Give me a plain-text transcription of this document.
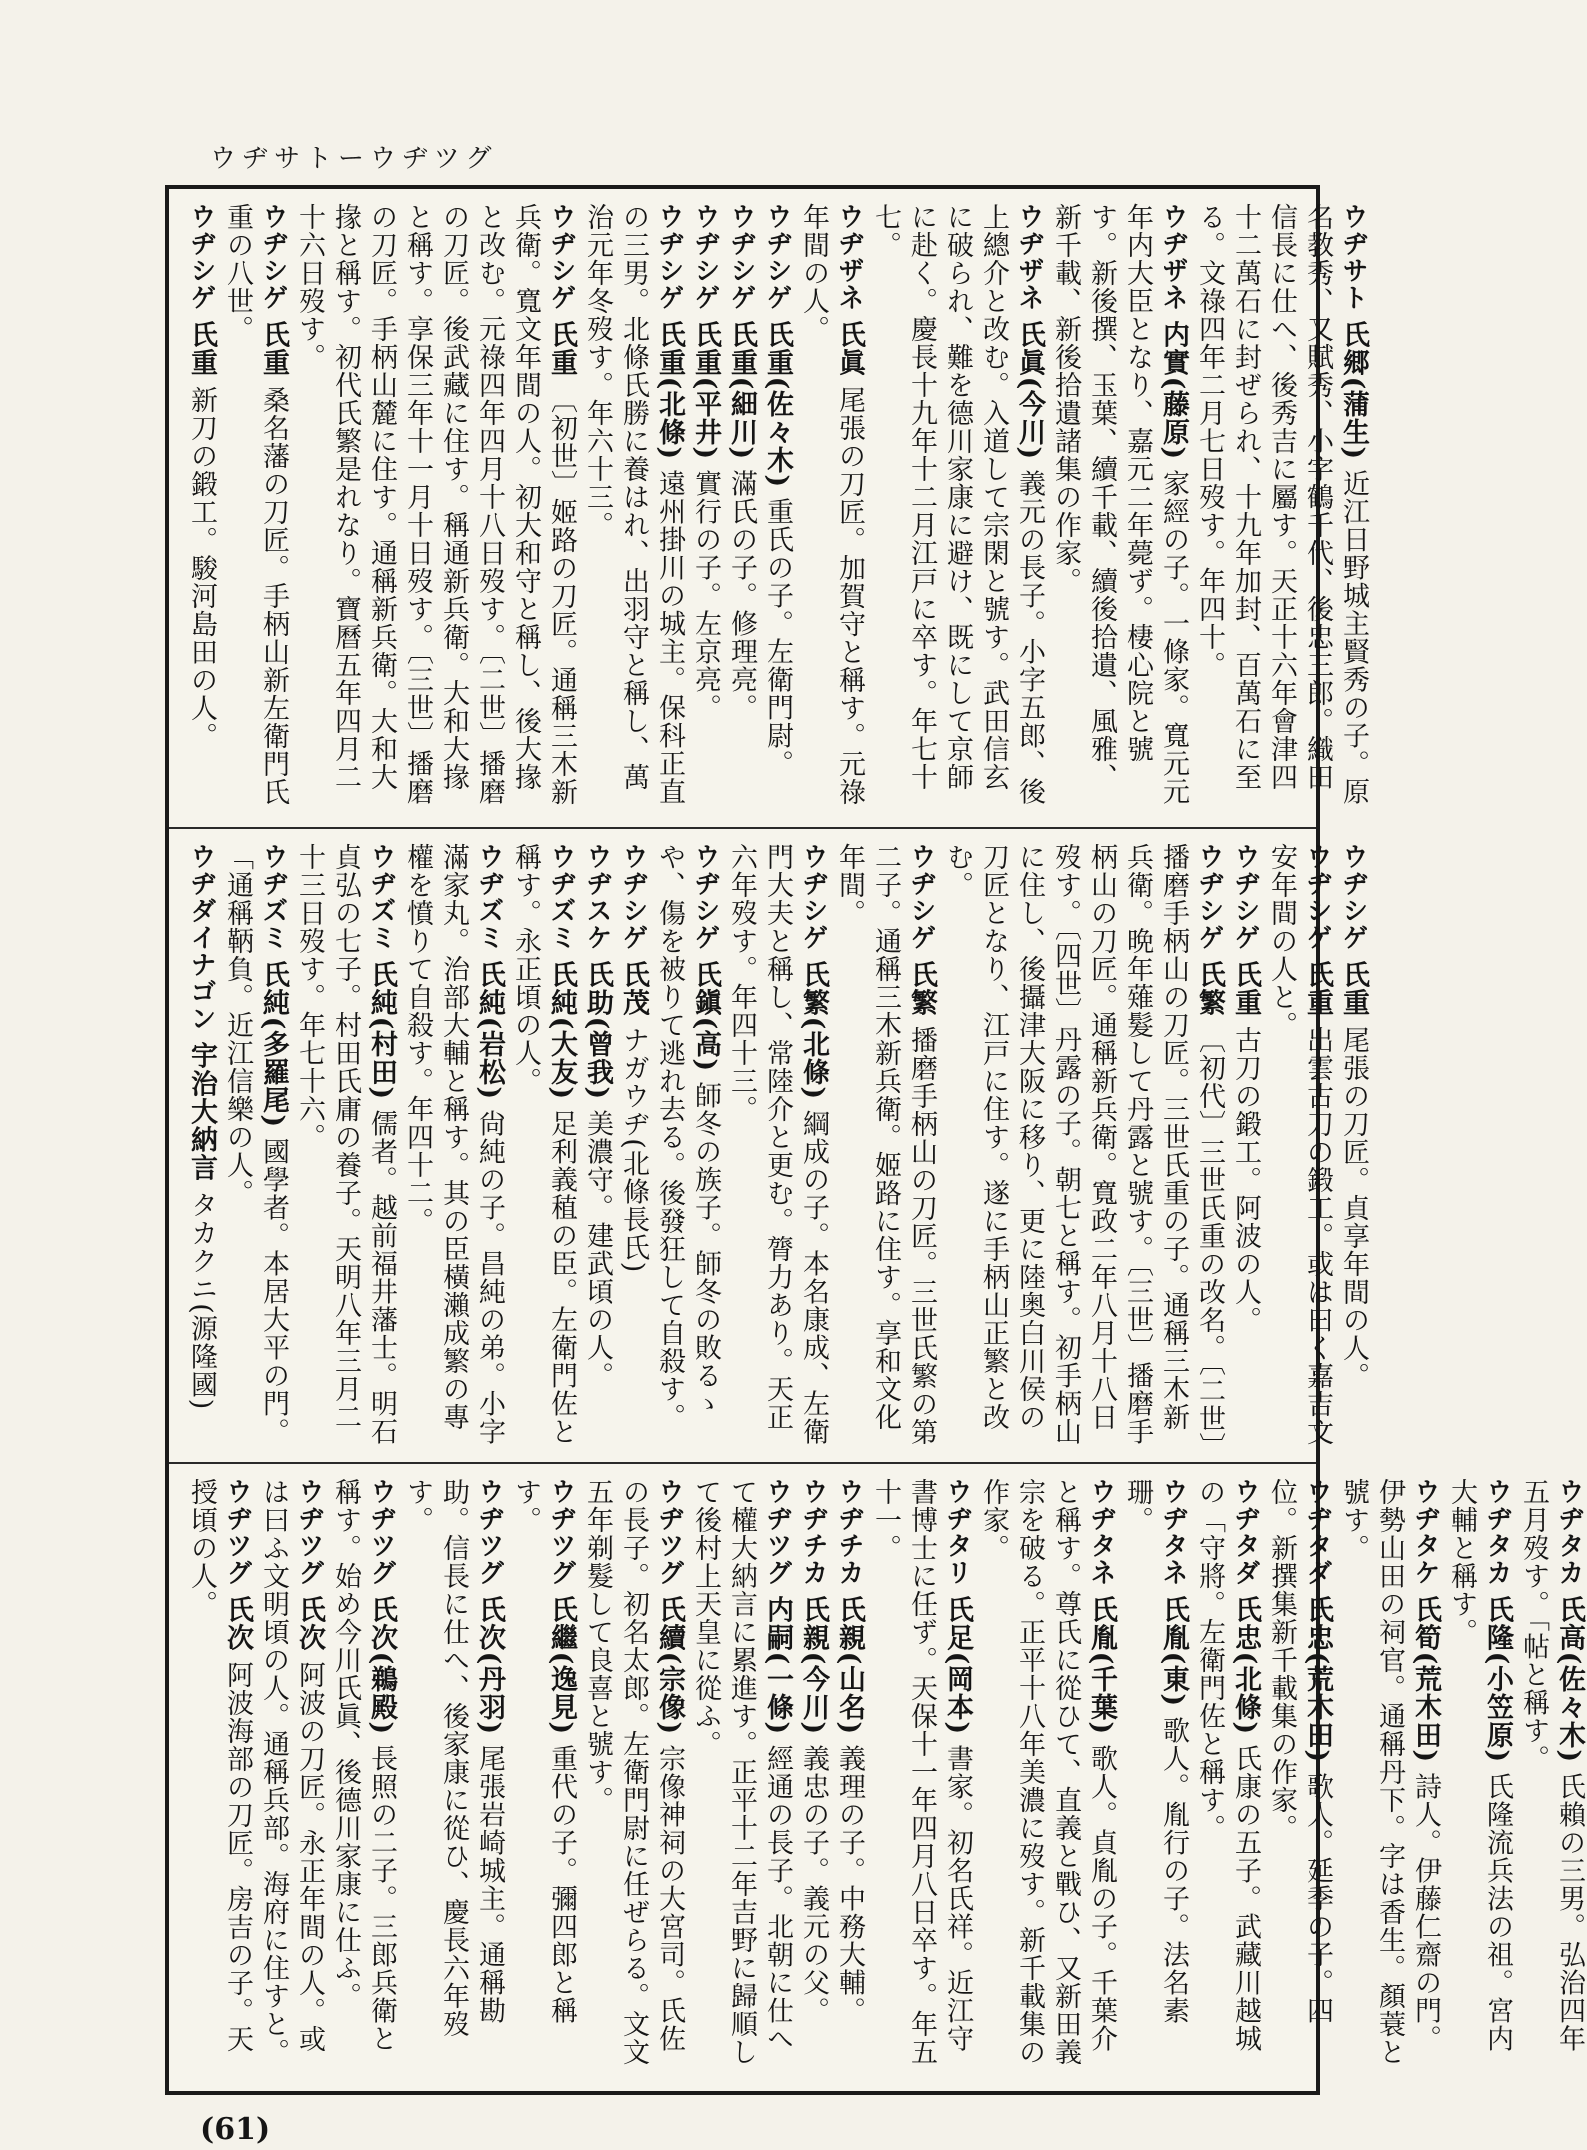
ウヂサトーウヂツグ

ウヂサト 氏郷(蒲生) 近江日野城主賢秀の子。原名教秀、又賦秀、小字鶴千代、後忠三郎。織田信長に仕へ、後秀吉に屬す。天正十六年會津四十二萬石に封ぜられ、十九年加封、百萬石に至る。文祿四年二月七日歿す。年四十。

ウヂザネ 内實(藤原) 家經の子。一條家。寬元元年内大臣となり、嘉元二年薨ず。棲心院と號す。新後撰、玉葉、續千載、續後拾遺、風雅、新千載、新後拾遺諸集の作家。

ウヂザネ 氏眞(今川) 義元の長子。小字五郎、後上總介と改む。入道して宗閑と號す。武田信玄に破られ、難を德川家康に避け、既にして京師に赴く。慶長十九年十二月江戸に卒す。年七十七。

ウヂザネ 氏眞 尾張の刀匠。加賀守と稱す。元祿年間の人。

ウヂシゲ 氏重(佐々木) 重氏の子。左衛門尉。

ウヂシゲ 氏重(細川) 滿氏の子。修理亮。

ウヂシゲ 氏重(平井) 實行の子。左京亮。

ウヂシゲ 氏重(北條) 遠州掛川の城主。保科正直の三男。北條氏勝に養はれ、出羽守と稱し、萬治元年冬歿す。年六十三。

ウヂシゲ 氏重 〔初世〕姬路の刀匠。通稱三木新兵衛。寬文年間の人。初大和守と稱し、後大掾と改む。元祿四年四月十八日歿す。〔二世〕播磨の刀匠。後武藏に住す。稱通新兵衛。大和大掾と稱す。享保三年十一月十日歿す。〔三世〕播磨の刀匠。手柄山麓に住す。通稱新兵衛。大和大掾と稱す。初代氏繁是れなり。寶曆五年四月二十六日歿す。

ウヂシゲ 氏重 桑名藩の刀匠。手柄山新左衛門氏重の八世。

ウヂシゲ 氏重 新刀の鍛工。駿河島田の人。

ウヂシゲ 氏重 尾張の刀匠。貞享年間の人。

ウヂシゲ 氏重 出雲古刀の鍛工。或は曰く嘉吉文安年間の人と。

ウヂシゲ 氏重 古刀の鍛工。阿波の人。

ウヂシゲ 氏繁 〔初代〕三世氏重の改名。〔二世〕播磨手柄山の刀匠。三世氏重の子。通稱三木新兵衛。晩年薙髮して丹露と號す。〔三世〕播磨手柄山の刀匠。通稱新兵衛。寬政二年八月十八日歿す。〔四世〕丹露の子。朝七と稱す。初手柄山に住し、後攝津大阪に移り、更に陸奥白川侯の刀匠となり、江戸に住す。遂に手柄山正繁と改む。

ウヂシゲ 氏繁 播磨手柄山の刀匠。三世氏繁の第二子。通稱三木新兵衛。姬路に住す。享和文化年間。

ウヂシゲ 氏繁(北條) 綱成の子。本名康成、左衛門大夫と稱し、常陸介と更む。膂力あり。天正六年歿す。年四十三。

ウヂシゲ 氏鎭(高) 師冬の族子。師冬の敗るゝや、傷を被りて逃れ去る。後發狂して自殺す。

ウヂシゲ 氏茂 ナガウヂ(北條長氏)

ウヂスケ 氏助(曾我) 美濃守。建武頃の人。

ウヂズミ 氏純(大友) 足利義稙の臣。左衛門佐と稱す。永正頃の人。

ウヂズミ 氏純(岩松) 尙純の子。昌純の弟。小字滿家丸。治部大輔と稱す。其の臣橫瀨成繁の專權を憤りて自殺す。年四十二。

ウヂズミ 氏純(村田) 儒者。越前福井藩士。明石貞弘の七子。村田氏庸の養子。天明八年三月二十三日歿す。年七十六。

ウヂズミ 氏純(多羅尾) 國學者。本居大平の門。「通稱鞆負。近江信樂の人。

ウヂダイナゴン 宇治大納言 タカクニ(源隆國)

ウヂタカ 氏高(佐々木) 氏賴の三男。弘治四年五月歿す。「帖と稱す。

ウヂタカ 氏隆(小笠原) 氏隆流兵法の祖。宮内大輔と稱す。

ウヂタケ 氏筍(荒木田) 詩人。伊藤仁齋の門。伊勢山田の祠官。通稱丹下。字は香生。顏蓑と號す。

ウヂタダ 氏忠(荒木田) 歌人。延季の子。四位。新撰集新千載集の作家。

ウヂタダ 氏忠(北條) 氏康の五子。武藏川越城の「守將。左衛門佐と稱す。

ウヂタネ 氏胤(東) 歌人。胤行の子。法名素珊。

ウヂタネ 氏胤(千葉) 歌人。貞胤の子。千葉介と稱す。尊氏に從ひて、直義と戰ひ、又新田義宗を破る。正平十八年美濃に歿す。新千載集の作家。

ウヂタリ 氏足(岡本) 書家。初名氏祥。近江守書博士に任ず。天保十一年四月八日卒す。年五十一。

ウヂチカ 氏親(山名) 義理の子。中務大輔。

ウヂチカ 氏親(今川) 義忠の子。義元の父。

ウヂツグ 内嗣(一條) 經通の長子。北朝に仕へて權大納言に累進す。正平十二年吉野に歸順して後村上天皇に從ふ。

ウヂツグ 氏續(宗像) 宗像神祠の大宮司。氏佐の長子。初名太郎。左衛門尉に任ぜらる。文文五年剃髮して良喜と號す。

ウヂツグ 氏繼(逸見) 重代の子。彌四郎と稱す。

ウヂツグ 氏次(丹羽) 尾張岩崎城主。通稱勘助。信長に仕へ、後家康に從ひ、慶長六年歿す。

ウヂツグ 氏次(鵜殿) 長照の二子。三郎兵衛と稱す。始め今川氏眞、後德川家康に仕ふ。

ウヂツグ 氏次 阿波の刀匠。永正年間の人。或は曰ふ文明頃の人。通稱兵部。海府に住すと。

ウヂツグ 氏次 阿波海部の刀匠。房吉の子。天授頃の人。

(61)
